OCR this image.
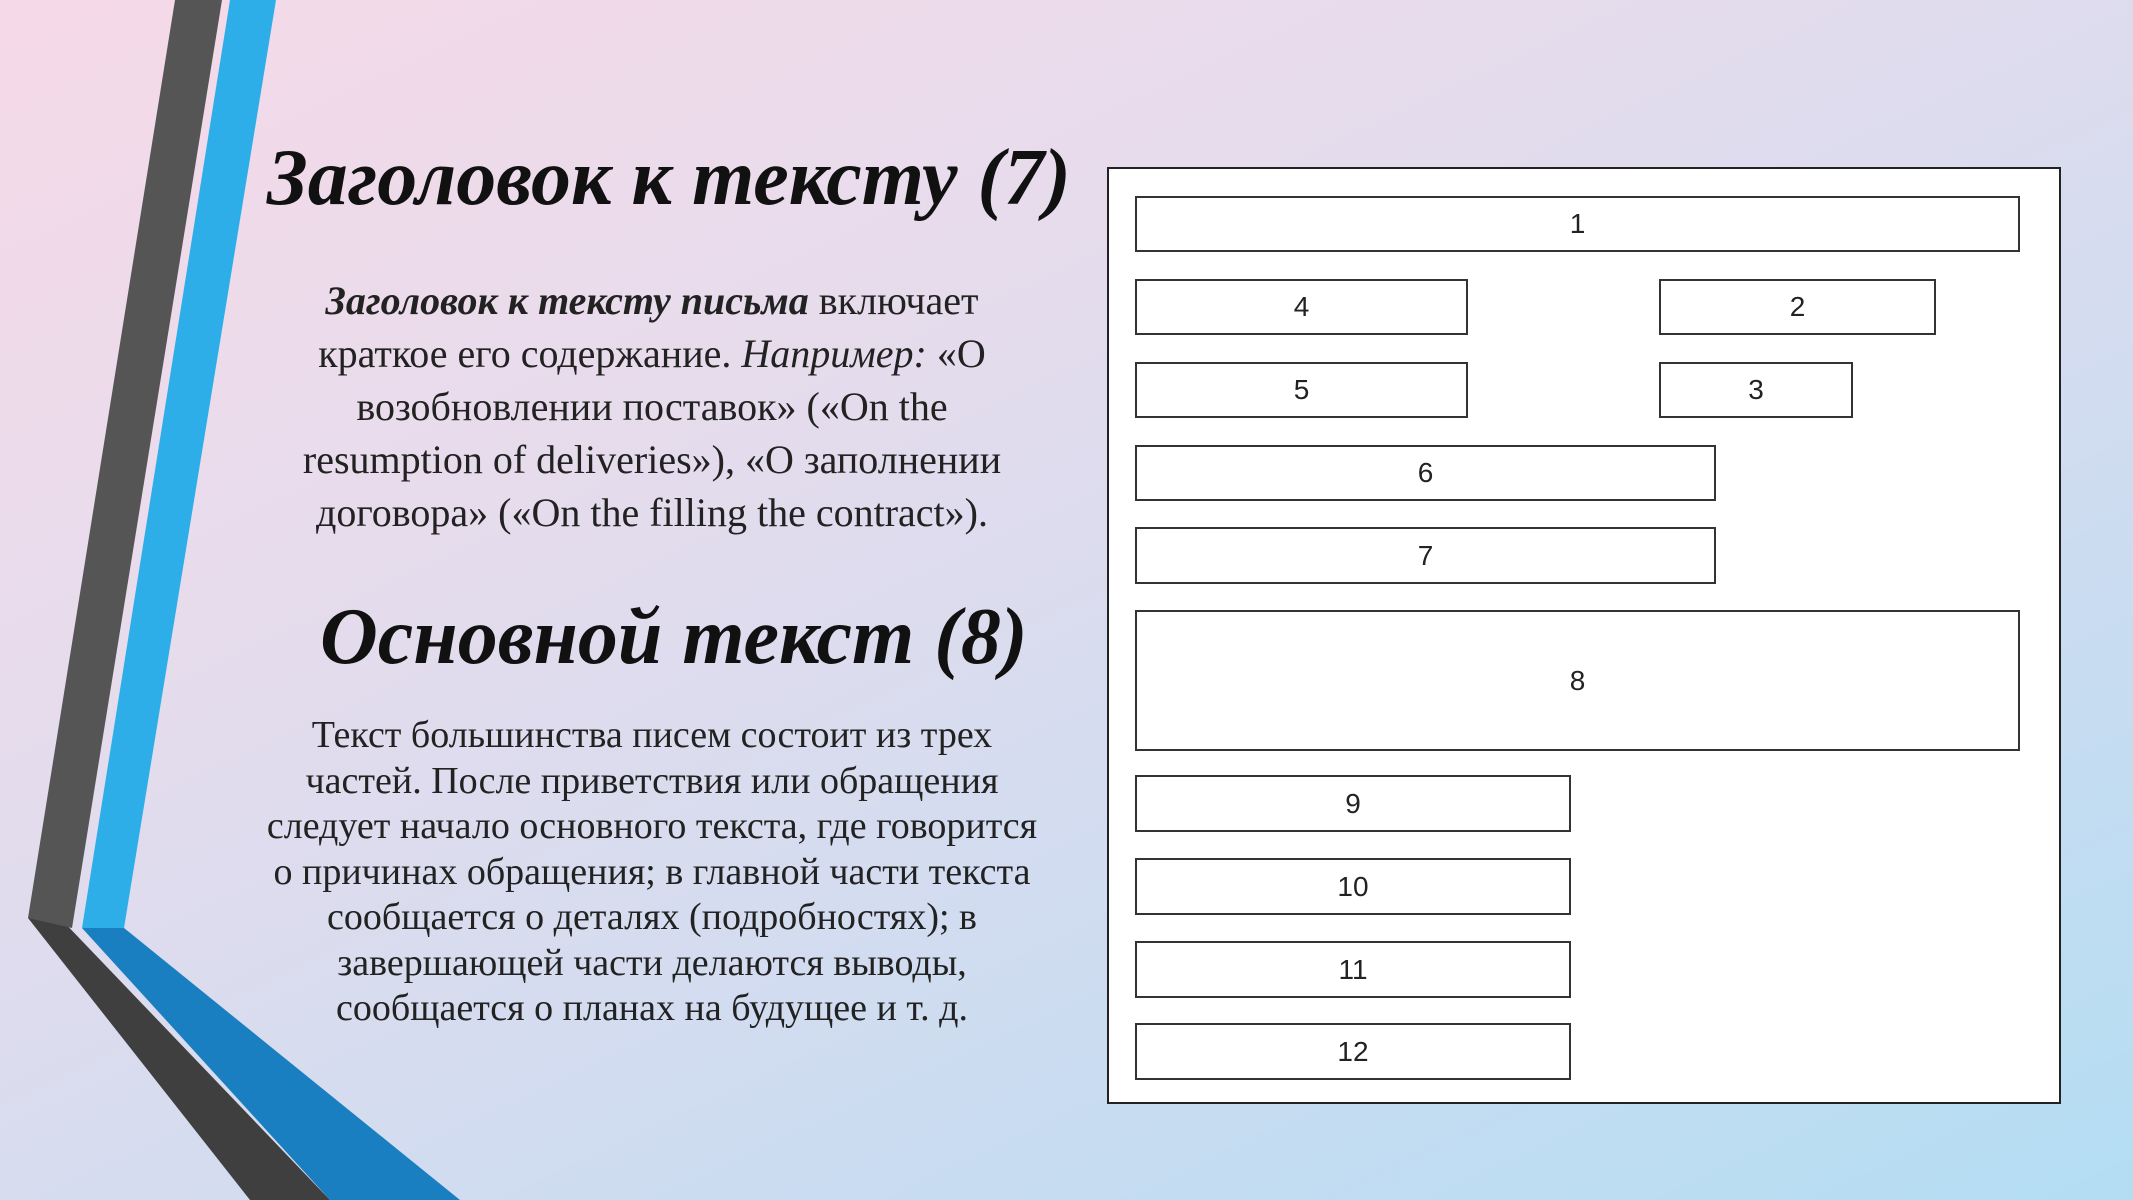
Заголовок к тексту (7)

Заголовок к тексту письма включает краткое его содержание. Например: «О возобновлении поставок» («On the resumption of deliveries»), «О заполнении договора» («On the filling the contract»).

Основной текст (8)

Текст большинства писем состоит из трех частей. После приветствия или обращения следует начало основного текста, где говорится о причинах обращения; в главной части текста сообщается о деталях (подробностях); в завершающей части делаются выводы, сообщается о планах на будущее и т. д.

1
4	2
5	3
6
7
8
9
10
11
12
